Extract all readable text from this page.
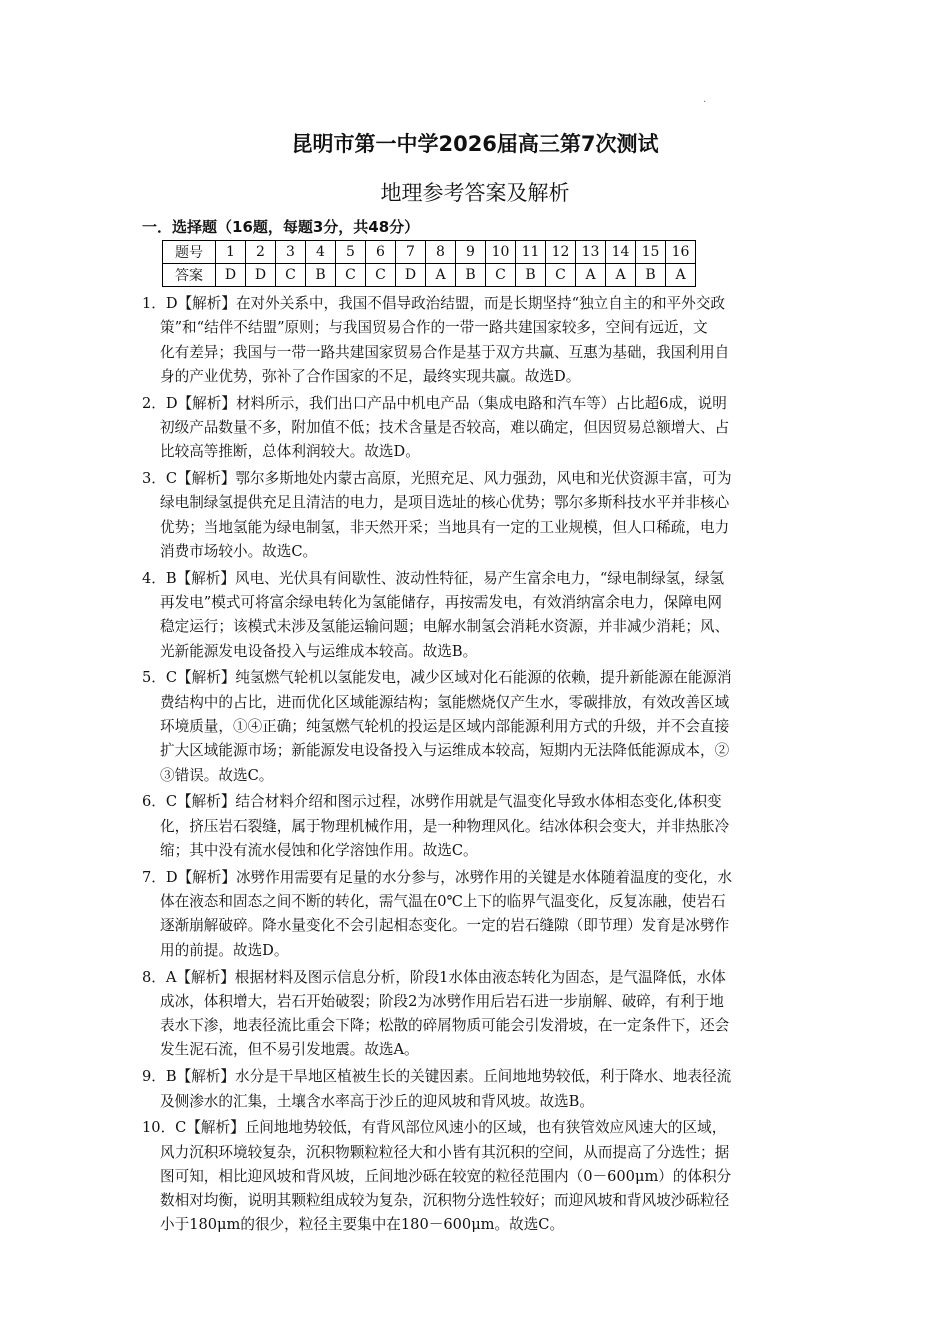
.
昆明市第一中学2026届高三第7次测试
地理参考答案及解析
一．选择题（16题，每题3分，共48分）
题号	1	2	3	4	5	6	7	8	9	10	11	12	13	14	15	16
答案	D	D	C	B	C	C	D	A	B	C	B	C	A	A	B	A
1．D【解析】在对外关系中，我国不倡导政治结盟，而是长期坚持“独立自主的和平外交政
策”和“结伴不结盟”原则；与我国贸易合作的一带一路共建国家较多，空间有远近，文
化有差异；我国与一带一路共建国家贸易合作是基于双方共赢、互惠为基础，我国利用自
身的产业优势，弥补了合作国家的不足，最终实现共赢。故选D。
2．D【解析】材料所示，我们出口产品中机电产品（集成电路和汽车等）占比超6成，说明
初级产品数量不多，附加值不低；技术含量是否较高，难以确定，但因贸易总额增大、占
比较高等推断，总体利润较大。故选D。
3．C【解析】鄂尔多斯地处内蒙古高原，光照充足、风力强劲，风电和光伏资源丰富，可为
绿电制绿氢提供充足且清洁的电力，是项目选址的核心优势；鄂尔多斯科技水平并非核心
优势；当地氢能为绿电制氢，非天然开采；当地具有一定的工业规模，但人口稀疏，电力
消费市场较小。故选C。
4．B【解析】风电、光伏具有间歇性、波动性特征，易产生富余电力，“绿电制绿氢，绿氢
再发电”模式可将富余绿电转化为氢能储存，再按需发电，有效消纳富余电力，保障电网
稳定运行；该模式未涉及氢能运输问题；电解水制氢会消耗水资源，并非减少消耗；风、
光新能源发电设备投入与运维成本较高。故选B。
5．C【解析】纯氢燃气轮机以氢能发电，减少区域对化石能源的依赖，提升新能源在能源消
费结构中的占比，进而优化区域能源结构；氢能燃烧仅产生水，零碳排放，有效改善区域
环境质量，①④正确；纯氢燃气轮机的投运是区域内部能源利用方式的升级，并不会直接
扩大区域能源市场；新能源发电设备投入与运维成本较高，短期内无法降低能源成本，②
③错误。故选C。
6．C【解析】结合材料介绍和图示过程，冰劈作用就是气温变化导致水体相态变化,体积变
化，挤压岩石裂缝，属于物理机械作用，是一种物理风化。结冰体积会变大，并非热胀冷
缩；其中没有流水侵蚀和化学溶蚀作用。故选C。
7．D【解析】冰劈作用需要有足量的水分参与，冰劈作用的关键是水体随着温度的变化，水
体在液态和固态之间不断的转化，需气温在0℃上下的临界气温变化，反复冻融，使岩石
逐渐崩解破碎。降水量变化不会引起相态变化。一定的岩石缝隙（即节理）发育是冰劈作
用的前提。故选D。
8．A【解析】根据材料及图示信息分析，阶段1水体由液态转化为固态，是气温降低，水体
成冰，体积增大，岩石开始破裂；阶段2为冰劈作用后岩石进一步崩解、破碎，有利于地
表水下渗，地表径流比重会下降；松散的碎屑物质可能会引发滑坡，在一定条件下，还会
发生泥石流，但不易引发地震。故选A。
9．B【解析】水分是干旱地区植被生长的关键因素。丘间地地势较低，利于降水、地表径流
及侧渗水的汇集，土壤含水率高于沙丘的迎风坡和背风坡。故选B。
10．C【解析】丘间地地势较低，有背风部位风速小的区域，也有狭管效应风速大的区域，
风力沉积环境较复杂，沉积物颗粒粒径大和小皆有其沉积的空间，从而提高了分选性；据
图可知，相比迎风坡和背风坡，丘间地沙砾在较宽的粒径范围内（0－600μm）的体积分
数相对均衡，说明其颗粒组成较为复杂，沉积物分选性较好；而迎风坡和背风坡沙砾粒径
小于180μm的很少，粒径主要集中在180－600μm。故选C。
